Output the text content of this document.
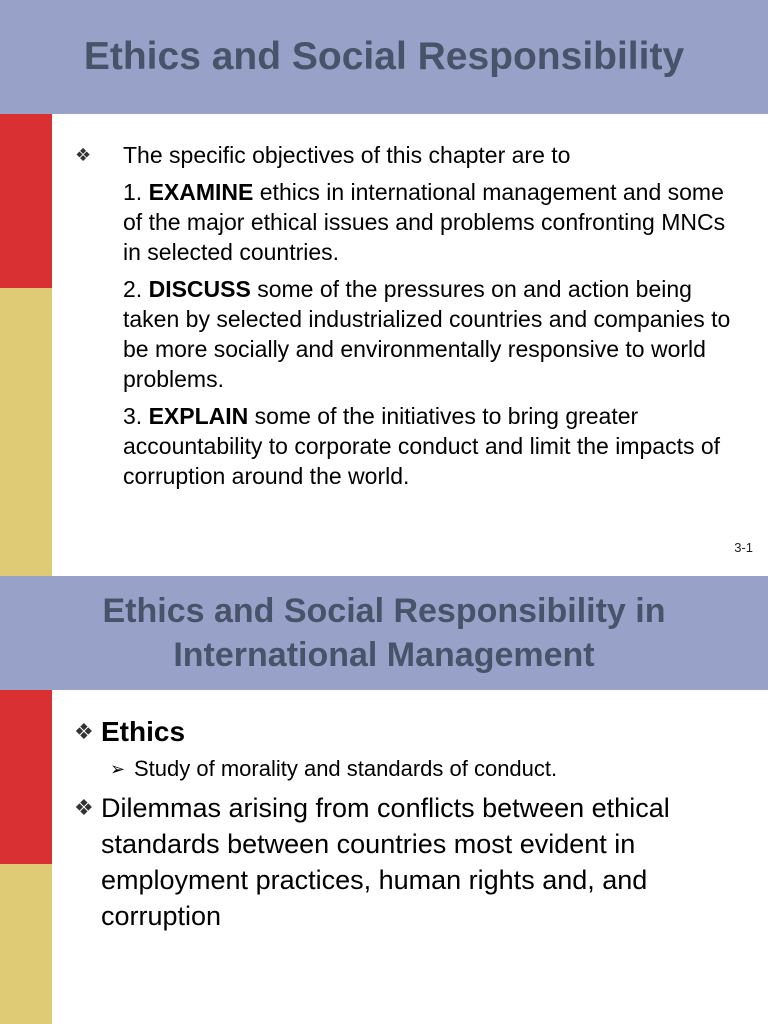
Ethics and Social Responsibility
❖	The specific objectives of this chapter are to
1. EXAMINE ethics in international management and some of the major ethical issues and problems confronting MNCs in selected countries.
2. DISCUSS some of the pressures on and action being taken by selected industrialized countries and companies to be more socially and environmentally responsive to world problems.
3. EXPLAIN some of the initiatives to bring greater accountability to corporate conduct and limit the impacts of corruption around the world.
3-1
Ethics and Social Responsibility in
International Management
❖ Ethics
➢ Study of morality and standards of conduct.
❖ Dilemmas arising from conflicts between ethical standards between countries most evident in employment practices, human rights and, and corruption
